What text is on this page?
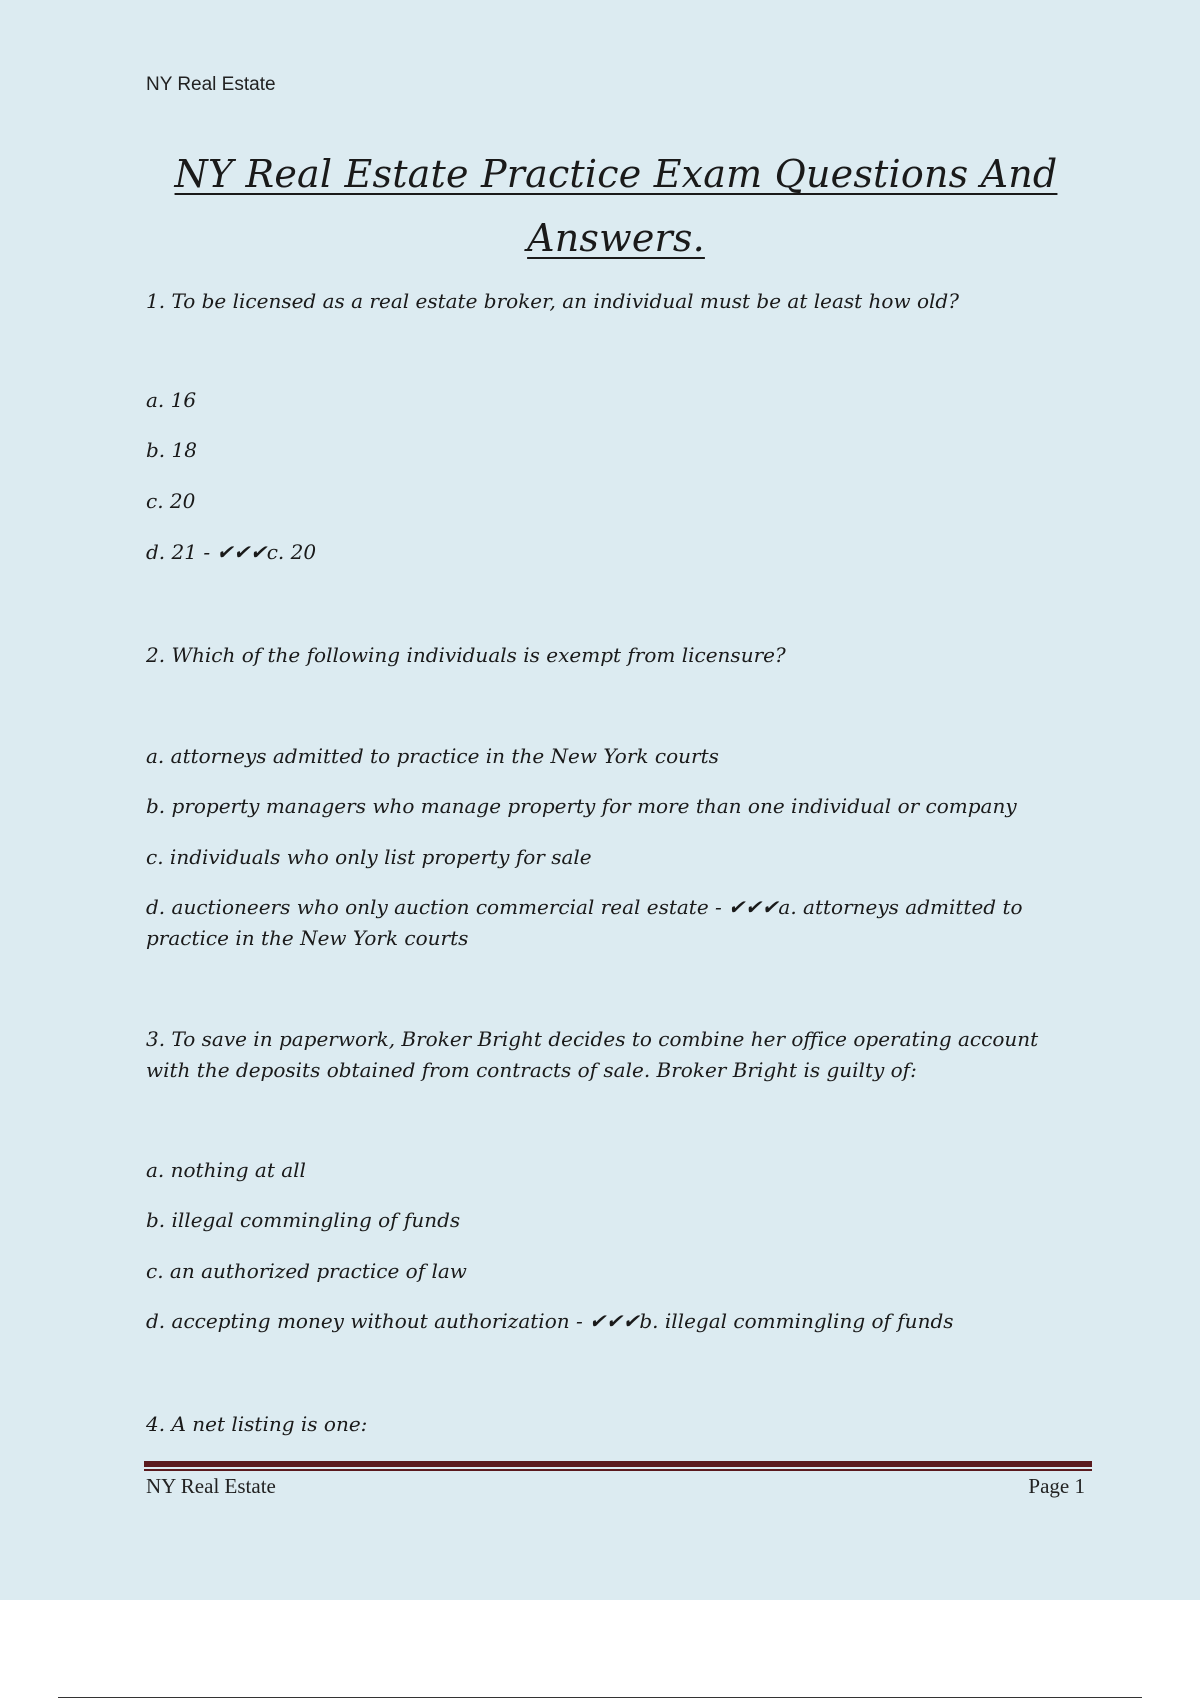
NY Real Estate
NY Real Estate Practice Exam Questions And Answers.

1. To be licensed as a real estate broker, an individual must be at least how old?

a. 16

b. 18

c. 20

d. 21 - ✔✔✔c. 20

2. Which of the following individuals is exempt from licensure?

a. attorneys admitted to practice in the New York courts

b. property managers who manage property for more than one individual or company

c. individuals who only list property for sale

d. auctioneers who only auction commercial real estate - ✔✔✔a. attorneys admitted to practice in the New York courts

3. To save in paperwork, Broker Bright decides to combine her office operating account with the deposits obtained from contracts of sale. Broker Bright is guilty of:

a. nothing at all

b. illegal commingling of funds

c. an authorized practice of law

d. accepting money without authorization - ✔✔✔b. illegal commingling of funds

4. A net listing is one:

NY Real Estate	Page 1
